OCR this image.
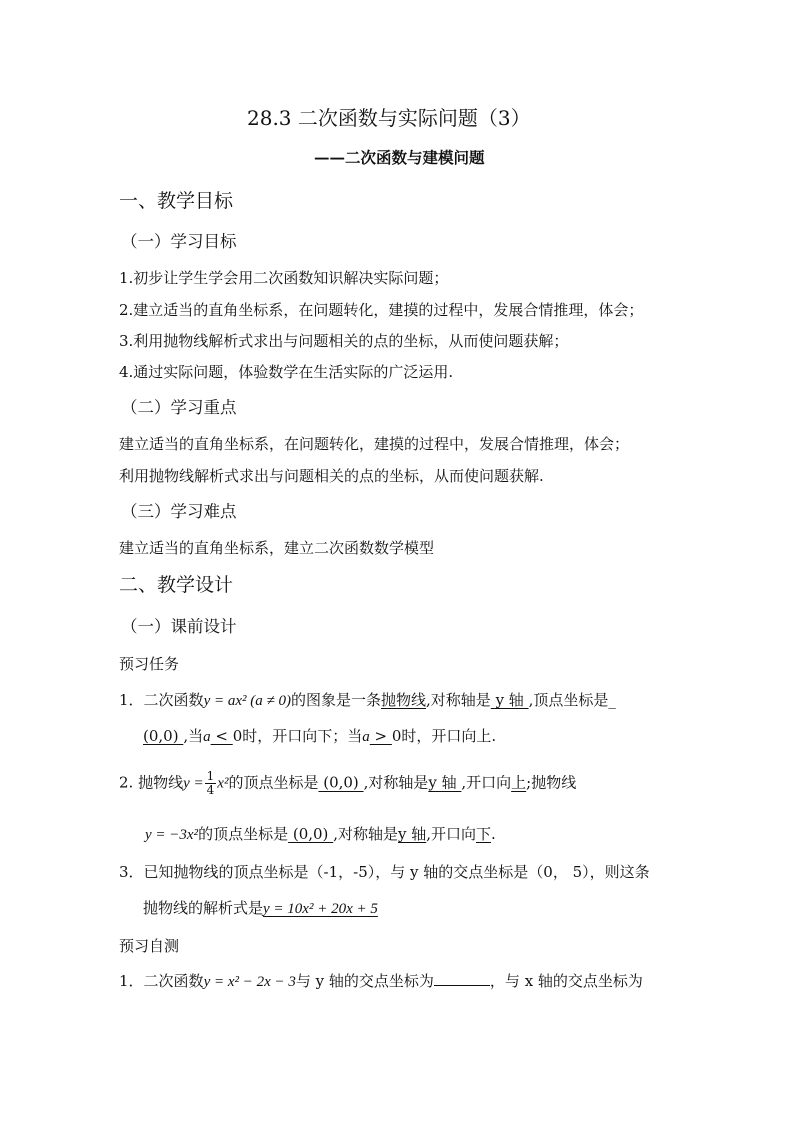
28.3 二次函数与实际问题（3）
——二次函数与建模问题
一、教学目标
（一）学习目标
1.初步让学生学会用二次函数知识解决实际问题；
2.建立适当的直角坐标系，在问题转化，建摸的过程中，发展合情推理，体会；
3.利用抛物线解析式求出与问题相关的点的坐标，从而使问题获解；
4.通过实际问题，体验数学在生活实际的广泛运用.
（二）学习重点
建立适当的直角坐标系，在问题转化，建摸的过程中，发展合情推理，体会；
利用抛物线解析式求出与问题相关的点的坐标，从而使问题获解.
（三）学习难点
建立适当的直角坐标系，建立二次函数数学模型
二、教学设计
（一）课前设计
预习任务
1．二次函数y = ax² (a ≠ 0)的图象是一条抛物线,对称轴是 y 轴 ,顶点坐标是_
(0,0) ,当a < 0时，开口向下；当a > 0时，开口向上.
2. 抛物线$y = \frac{1}{4} x^2$的顶点坐标是 (0,0) ,对称轴是y 轴 ,开口向上;抛物线
y = −3x²的顶点坐标是 (0,0) ,对称轴是y 轴,开口向下.
3．已知抛物线的顶点坐标是（-1，-5），与 y 轴的交点坐标是（0， 5），则这条
抛物线的解析式是y = 10x² + 20x + 5
预习自测
1．二次函数y = x² − 2x − 3与 y 轴的交点坐标为	，与 x 轴的交点坐标为
